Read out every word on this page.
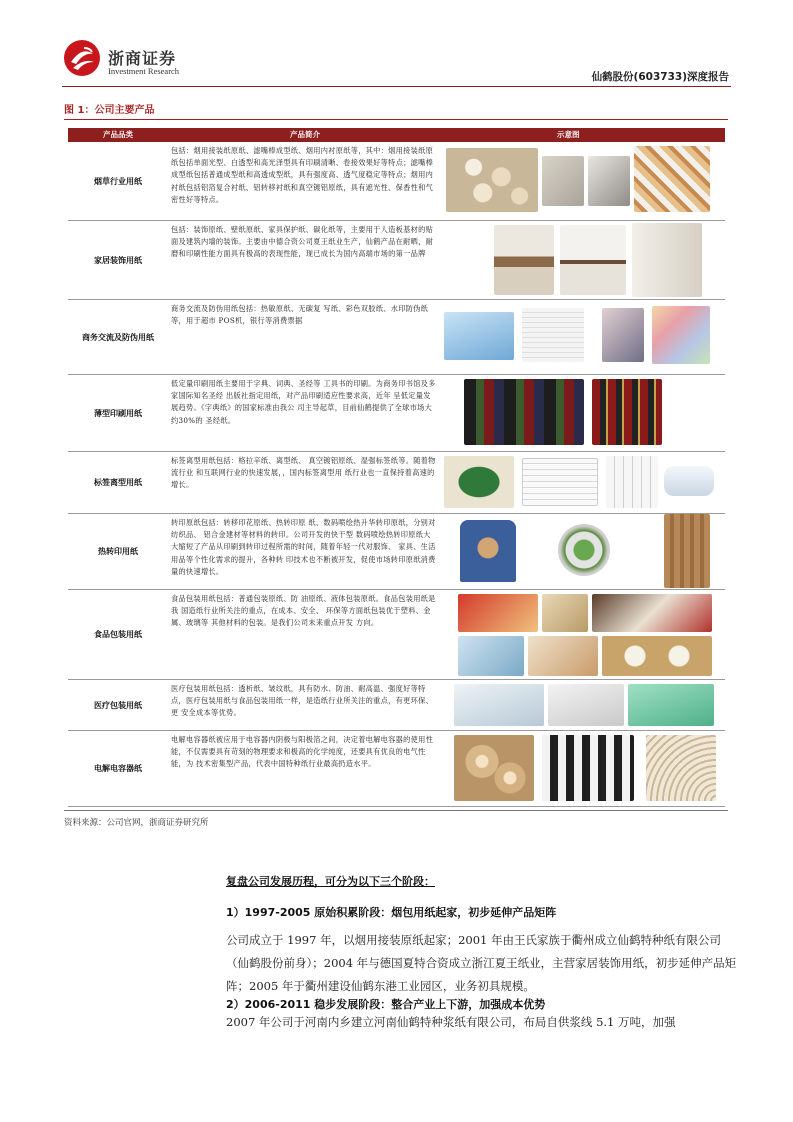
浙商证券
Investment Research	仙鹤股份(603733)深度报告
图 1：公司主要产品
产品品类	产品简介	示意图
烟草行业用纸
包括：烟用接装纸原纸、滤嘴棒成型纸、烟用内衬原纸等，其中：烟用接装纸原纸包括单面光型、白透型和高光泽型具有印刷清晰、卷接效果好等特点；滤嘴棒成型纸包括普通成型纸和高透成型纸，具有强度高、透气度稳定等特点；烟用内衬纸包括铝箔复合衬纸、铝转移衬纸和真空镀铝原纸，具有遮光性、保香性和气密性好等特点。
家居装饰用纸
包括：装饰原纸、壁纸原纸、家具保护纸、碳化纸等，主要用于人造板基材的贴面及建筑内墙的装饰。主要由中德合资公司夏王纸业生产，仙鹤产品在耐晒，耐磨和印刷性能方面具有极高的表现性能，现已成长为国内高端市场的第一品牌
商务交流及防伪用纸
商务交流及防伪用纸包括：热敏原纸、无碳复 写纸、彩色双胶纸、水印防伪纸等，用于超市 POS机，银行等消费票据
薄型印刷用纸
低定量印刷用纸主要用于字典、词典、圣经等 工具书的印刷。为商务印书馆及多家国际知名圣经 出版社指定用纸，对产品印刷适应性要求高，近年 呈低定量发展趋势。《字典纸》的国家标准由我公 司主导起草，目前仙鹤提供了全球市场大约30%的 圣经纸。
标签离型用纸
标签离型用纸包括：格拉辛纸、离型纸、 真空镀铝原纸、湿强标签纸等。随着物流行业 和互联网行业的快速发展，，国内标签离型用 纸行业也一直保持着高速的增长。
热转印用纸
转印原纸包括：转移印花原纸、热转印原 纸、数码喷绘热升华转印原纸，分别对纺织品、 铝合金建材等材料的转印。公司开发的快干型 数码喷绘热转印原纸大大缩短了产品从印刷到转印过程所需的时间，随着年轻一代对服饰、 家具、生活用品等个性化需求的提升，各种转 印技术也不断被开发，促使市场转印原纸消费 量的快速增长。
食品包装用纸
食品包装用纸包括：普通包装原纸、防 油原纸、液体包装原纸。食品包装用纸是我 国造纸行业所关注的重点，在成本、安全、 环保等方面纸包装优于塑料、金属、玻璃等 其他材料的包装。是我们公司未来重点开发 方向。
医疗包装用纸
医疗包装用纸包括：透析纸、皱纹纸，具有防水、防油、耐高温、强度好等特 点，医疗包装用纸与食品包装用纸一样，是造纸行业所关注的重点，有更环保、更 安全成本等优势。
电解电容器纸
电解电容器纸被应用于电容器内阴极与阳极箔之间，决定着电解电容器的使用性 能，不仅需要具有苛刻的物理要求和极高的化学纯度，还要具有优良的电气性能，为 技术密集型产品，代表中国特种纸行业最高扔造水平。
资料来源：公司官网，浙商证券研究所
复盘公司发展历程，可分为以下三个阶段：
1）1997-2005 原始积累阶段：烟包用纸起家，初步延伸产品矩阵
公司成立于 1997 年，以烟用接装原纸起家；2001 年由王氏家族于衢州成立仙鹤特种纸有限公司（仙鹤股份前身）；2004 年与德国夏特合资成立浙江夏王纸业，主营家居装饰用纸，初步延伸产品矩阵；2005 年于衢州建设仙鹤东港工业园区，业务初具规模。
2）2006-2011 稳步发展阶段：整合产业上下游，加强成本优势
2007 年公司于河南内乡建立河南仙鹤特种浆纸有限公司，布局自供浆线 5.1 万吨，加强
